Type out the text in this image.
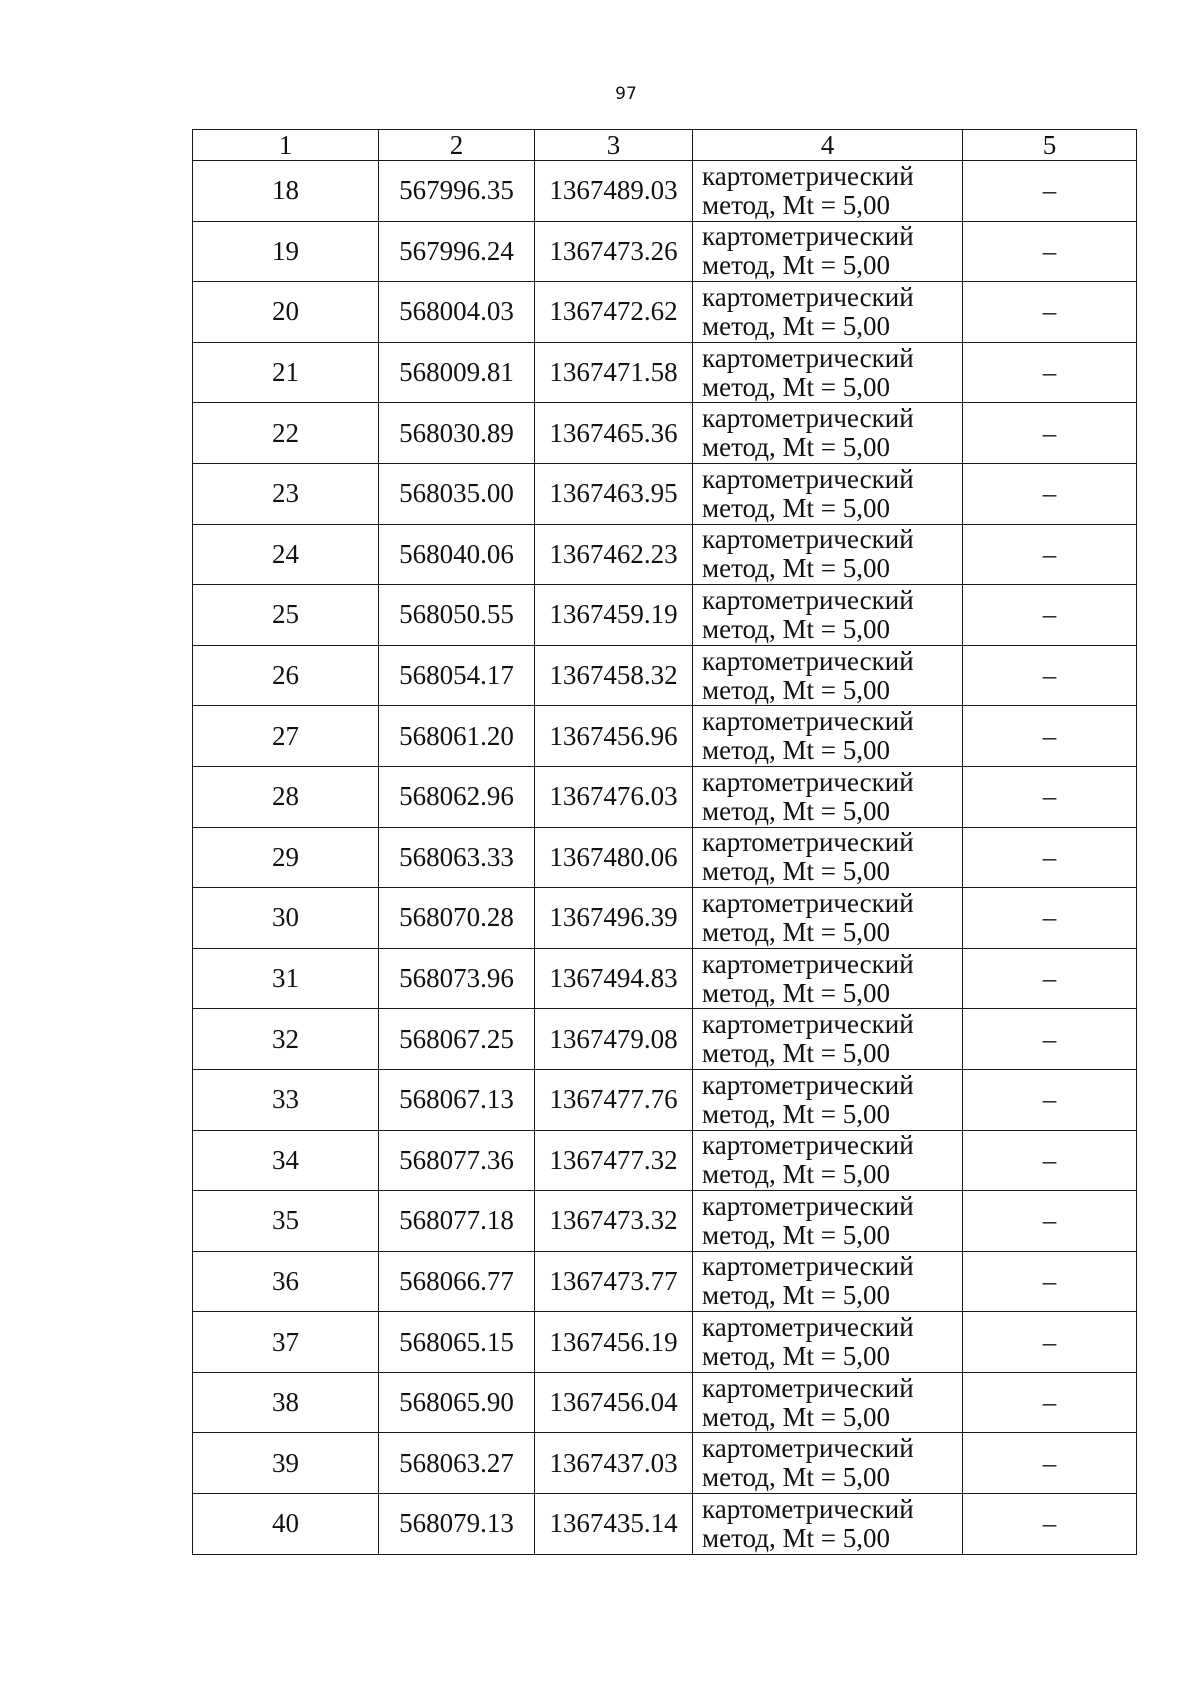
97
1	2	3	4	5
18	567996.35	1367489.03	картометрический
метод, Mt = 5,00	–
19	567996.24	1367473.26	картометрический
метод, Mt = 5,00	–
20	568004.03	1367472.62	картометрический
метод, Mt = 5,00	–
21	568009.81	1367471.58	картометрический
метод, Mt = 5,00	–
22	568030.89	1367465.36	картометрический
метод, Mt = 5,00	–
23	568035.00	1367463.95	картометрический
метод, Mt = 5,00	–
24	568040.06	1367462.23	картометрический
метод, Mt = 5,00	–
25	568050.55	1367459.19	картометрический
метод, Mt = 5,00	–
26	568054.17	1367458.32	картометрический
метод, Mt = 5,00	–
27	568061.20	1367456.96	картометрический
метод, Mt = 5,00	–
28	568062.96	1367476.03	картометрический
метод, Mt = 5,00	–
29	568063.33	1367480.06	картометрический
метод, Mt = 5,00	–
30	568070.28	1367496.39	картометрический
метод, Mt = 5,00	–
31	568073.96	1367494.83	картометрический
метод, Mt = 5,00	–
32	568067.25	1367479.08	картометрический
метод, Mt = 5,00	–
33	568067.13	1367477.76	картометрический
метод, Mt = 5,00	–
34	568077.36	1367477.32	картометрический
метод, Mt = 5,00	–
35	568077.18	1367473.32	картометрический
метод, Mt = 5,00	–
36	568066.77	1367473.77	картометрический
метод, Mt = 5,00	–
37	568065.15	1367456.19	картометрический
метод, Mt = 5,00	–
38	568065.90	1367456.04	картометрический
метод, Mt = 5,00	–
39	568063.27	1367437.03	картометрический
метод, Mt = 5,00	–
40	568079.13	1367435.14	картометрический
метод, Mt = 5,00	–
